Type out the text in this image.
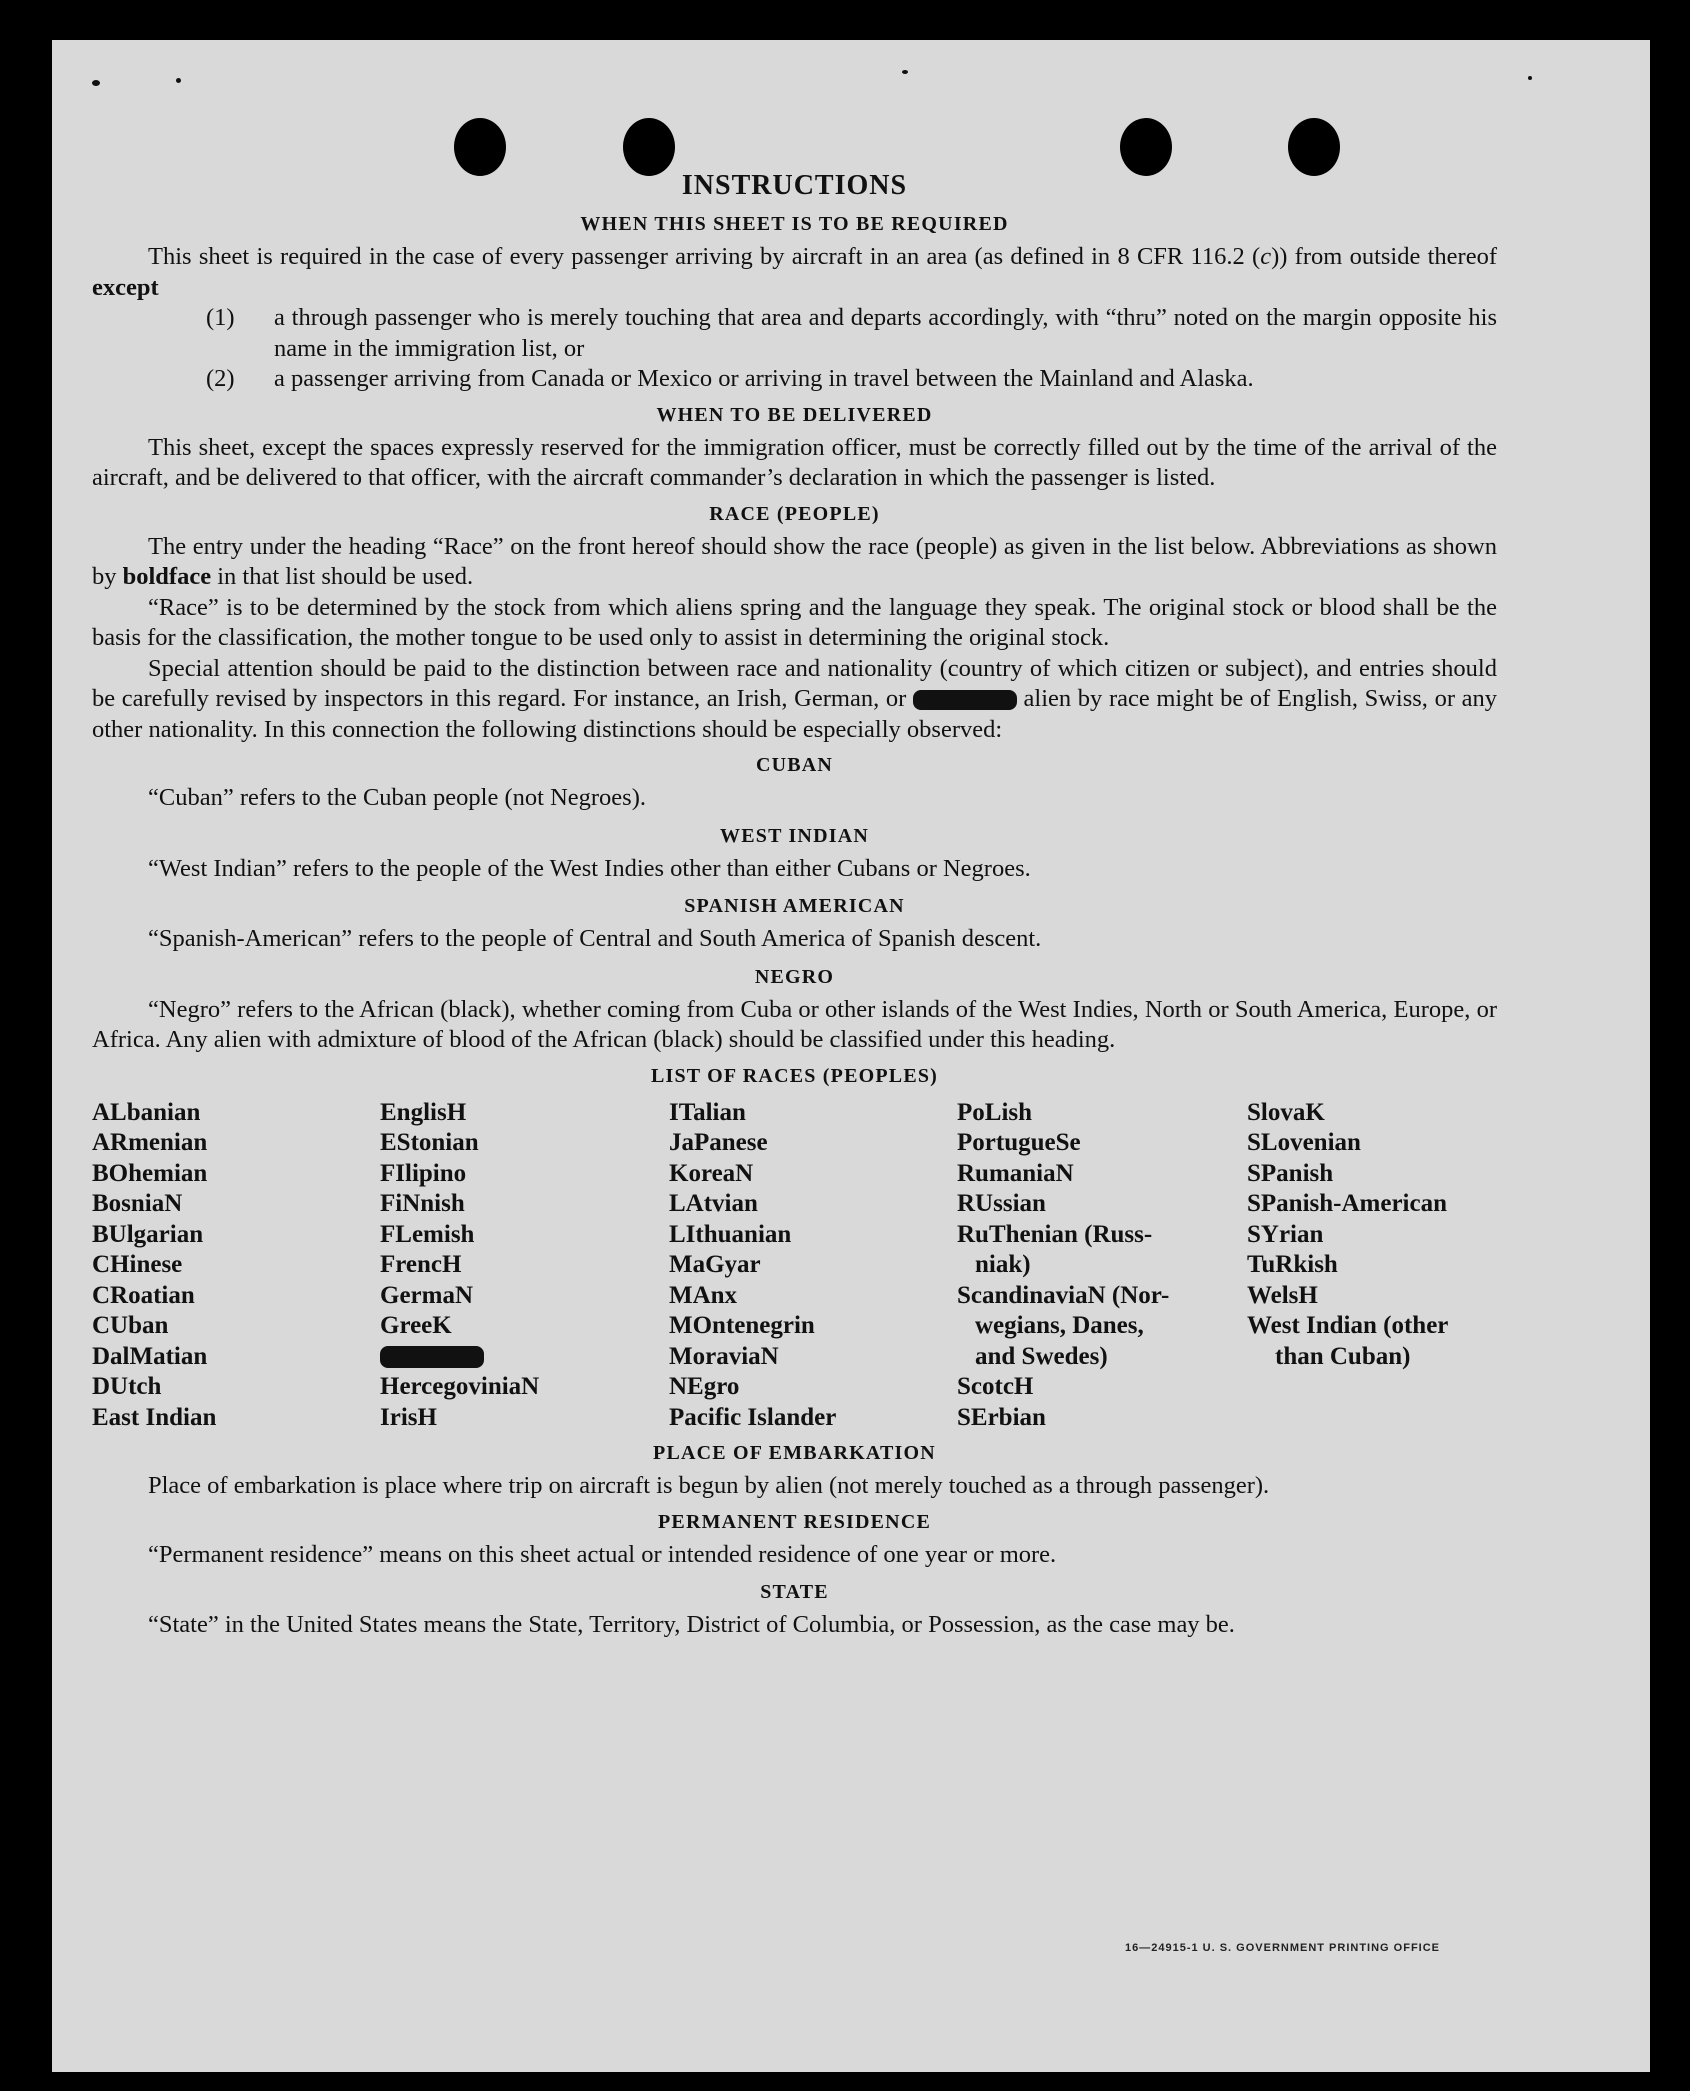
INSTRUCTIONS
WHEN THIS SHEET IS TO BE REQUIRED

This sheet is required in the case of every passenger arriving by aircraft in an area (as defined in 8 CFR 116.2 (c)) from outside thereof except

(1)	a through passenger who is merely touching that area and departs accordingly, with “thru” noted on the margin opposite his name in the immigration list, or
(2)	a passenger arriving from Canada or Mexico or arriving in travel between the Mainland and Alaska.
WHEN TO BE DELIVERED

This sheet, except the spaces expressly reserved for the immigration officer, must be correctly filled out by the time of the arrival of the aircraft, and be delivered to that officer, with the aircraft commander’s declaration in which the passenger is listed.

RACE (PEOPLE)

The entry under the heading “Race” on the front hereof should show the race (people) as given in the list below. Abbreviations as shown by boldface in that list should be used.

“Race” is to be determined by the stock from which aliens spring and the language they speak. The original stock or blood shall be the basis for the classification, the mother tongue to be used only to assist in determining the original stock.

Special attention should be paid to the distinction between race and nationality (country of which citizen or subject), and entries should be carefully revised by inspectors in this regard. For instance, an Irish, German, or	alien by race might be of English, Swiss, or any other nationality. In this connection the following distinctions should be especially observed:

CUBAN
“Cuban” refers to the Cuban people (not Negroes).
WEST INDIAN
“West Indian” refers to the people of the West Indies other than either Cubans or Negroes.
SPANISH AMERICAN
“Spanish-American” refers to the people of Central and South America of Spanish descent.
NEGRO

“Negro” refers to the African (black), whether coming from Cuba or other islands of the West Indies, North or South America, Europe, or Africa. Any alien with admixture of blood of the African (black) should be classified under this heading.

LIST OF RACES (PEOPLES)
ALbanian
ARmenian
BOhemian
BosniaN
BUlgarian
CHinese
CRoatian
CUban
DalMatian
DUtch
East Indian
EnglisH
EStonian
FIlipino
FiNnish
FLemish
FrencH
GermaN
GreeK
HercegoviniaN
IrisH
ITalian
JaPanese
KoreaN
LAtvian
LIthuanian
MaGyar
MAnx
MOntenegrin
MoraviaN
NEgro
Pacific Islander
PoLish
PortugueSe
RumaniaN
RUssian
RuThenian (Russ-
niak)
ScandinaviaN (Nor-
wegians, Danes,
and Swedes)
ScotcH
SErbian
SlovaK
SLovenian
SPanish
SPanish-American
SYrian
TuRkish
WelsH
West Indian (other
than Cuban)
PLACE OF EMBARKATION

Place of embarkation is place where trip on aircraft is begun by alien (not merely touched as a through passenger).

PERMANENT RESIDENCE
“Permanent residence” means on this sheet actual or intended residence of one year or more.
STATE

“State” in the United States means the State, Territory, District of Columbia, or Possession, as the case may be.

16—24915-1 U. S. GOVERNMENT PRINTING OFFICE
